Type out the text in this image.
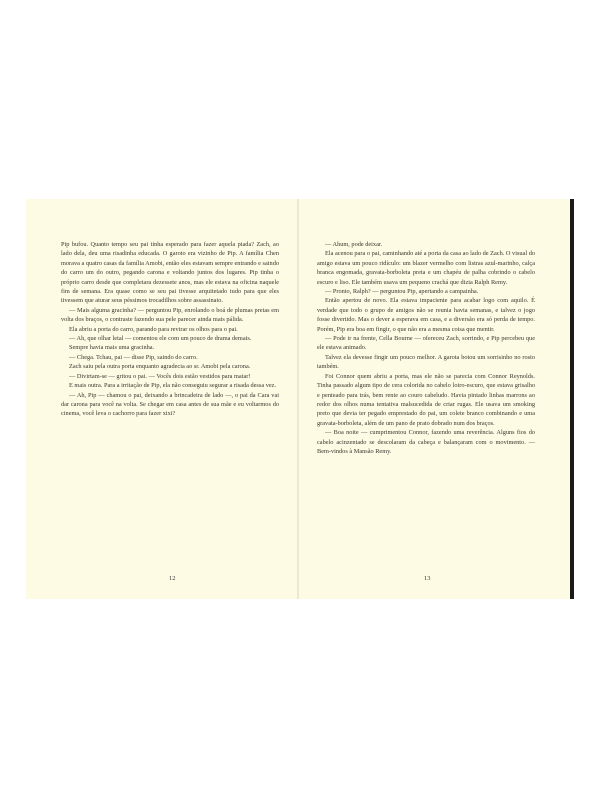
Pip bufou. Quanto tempo seu pai tinha esperado para fazer aquela piada? Zach, ao lado dela, deu uma risadinha educada. O garoto era vizinho de Pip. A família Chen morava a quatro casas da família Amobi, então eles estavam sempre entrando e saindo do carro um do outro, pegando carona e voltando juntos dos lugares. Pip tinha o próprio carro desde que completara dezessete anos, mas ele estava na oficina naquele fim de semana. Era quase como se seu pai tivesse arquitetado tudo para que eles tivessem que aturar seus péssimos trocadilhos sobre assassinato.

— Mais alguma gracinha? — perguntou Pip, enrolando o boá de plumas pretas em volta dos braços, o contraste fazendo sua pele parecer ainda mais pálida.

Ela abriu a porta do carro, parando para revirar os olhos para o pai.

— Ah, que olhar letal — comentou ele com um pouco de drama demais.

Sempre havia mais uma gracinha.

— Chega. Tchau, pai — disse Pip, saindo do carro.

Zach saiu pela outra porta enquanto agradecia ao sr. Amobi pela carona.

— Divirtam-se — gritou o pai. — Vocês dois estão vestidos para matar!

E mais outra. Para a irritação de Pip, ela não conseguiu segurar a risada dessa vez.

— Ah, Pip — chamou o pai, deixando a brincadeira de lado —, o pai da Cara vai dar carona para você na volta. Se chegar em casa antes de sua mãe e eu voltarmos do cinema, você leva o cachorro para fazer xixi?

12

— Ahum, pode deixar.

Ela acenou para o pai, caminhando até a porta da casa ao lado de Zach. O visual do amigo estava um pouco ridículo: um blazer vermelho com listras azul-marinho, calça branca engomada, gravata-borboleta preta e um chapéu de palha cobrindo o cabelo escuro e liso. Ele também usava um pequeno crachá que dizia Ralph Remy.

— Pronto, Ralph? — perguntou Pip, apertando a campainha.

Então apertou de novo. Ela estava impaciente para acabar logo com aquilo. É verdade que todo o grupo de amigos não se reunia havia semanas, e talvez o jogo fosse divertido. Mas o dever a esperava em casa, e a diversão era só perda de tempo. Porém, Pip era boa em fingir, o que não era a mesma coisa que mentir.

— Pode ir na frente, Cella Bourne — ofereceu Zach, sorrindo, e Pip percebeu que ele estava animado.

Talvez ela devesse fingir um pouco melhor. A garota botou um sorrisinho no rosto também.

Foi Connor quem abriu a porta, mas ele não se parecia com Connor Reynolds. Tinha passado algum tipo de cera colorida no cabelo loiro-escuro, que estava grisalho e penteado para trás, bem rente ao couro cabeludo. Havia pintado linhas marrons ao redor dos olhos numa tentativa malsucedida de criar rugas. Ele usava um smoking preto que devia ter pegado emprestado do pai, um colete branco combinando e uma gravata-borboleta, além de um pano de prato dobrado num dos braços.

— Boa noite — cumprimentou Connor, fazendo uma reverência. Alguns fios do cabelo acinzentado se descolaram da cabeça e balançaram com o movimento. — Bem-vindos à Mansão Remy.

13
